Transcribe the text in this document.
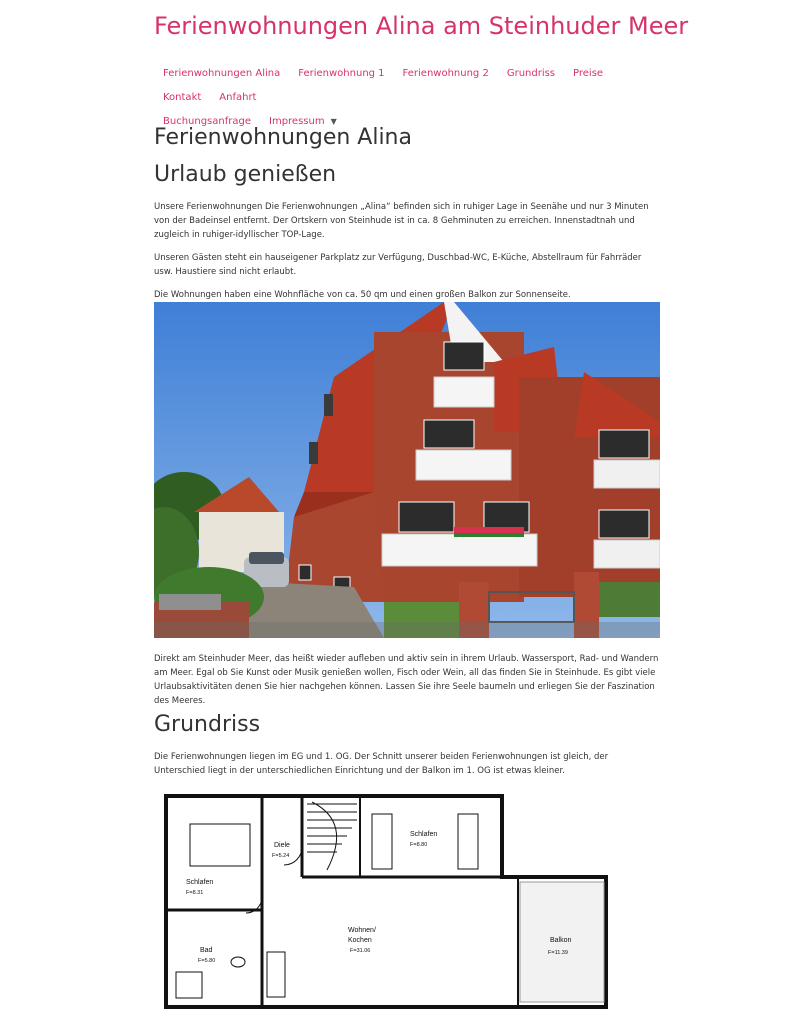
Ferienwohnungen Alina am Steinhuder Meer
Ferienwohnungen Alina Ferienwohnung 1 Ferienwohnung 2 Grundriss PreiseKontakt Anfahrt
Buchungsanfrage Impressum ▼
Ferienwohnungen Alina
Urlaub genießen

Unsere Ferienwohnungen Die Ferienwohnungen „Alina“ befinden sich in ruhiger Lage in Seenähe und nur 3 Minuten von der Badeinsel entfernt. Der Ortskern von Steinhude ist in ca. 8 Gehminuten zu erreichen. Innenstadtnah und zugleich in ruhiger-idyllischer TOP-Lage.

Unseren Gästen steht ein hauseigener Parkplatz zur Verfügung, Duschbad-WC, E-Küche, Abstellraum für Fahrräder usw. Haustiere sind nicht erlaubt.

Die Wohnungen haben eine Wohnfläche von ca. 50 qm und einen großen Balkon zur Sonnenseite.

Direkt am Steinhuder Meer, das heißt wieder aufleben und aktiv sein in ihrem Urlaub. Wassersport, Rad- und Wandern am Meer. Egal ob Sie Kunst oder Musik genießen wollen, Fisch oder Wein, all das finden Sie in Steinhude. Es gibt viele Urlaubsaktivitäten denen Sie hier nachgehen können. Lassen Sie ihre Seele baumeln und erliegen Sie der Faszination des Meeres.

Grundriss

Die Ferienwohnungen liegen im EG und 1. OG. Der Schnitt unserer beiden Ferienwohnungen ist gleich, der Unterschied liegt in der unterschiedlichen Einrichtung und der Balkon im 1. OG ist etwas kleiner.

Diele
F=5.24
Schlafen
F=8.80
Schlafen
F=8.31
Wohnen/
Kochen
F=31.06
Bad
F=5.80
Balkon
F=11.39
